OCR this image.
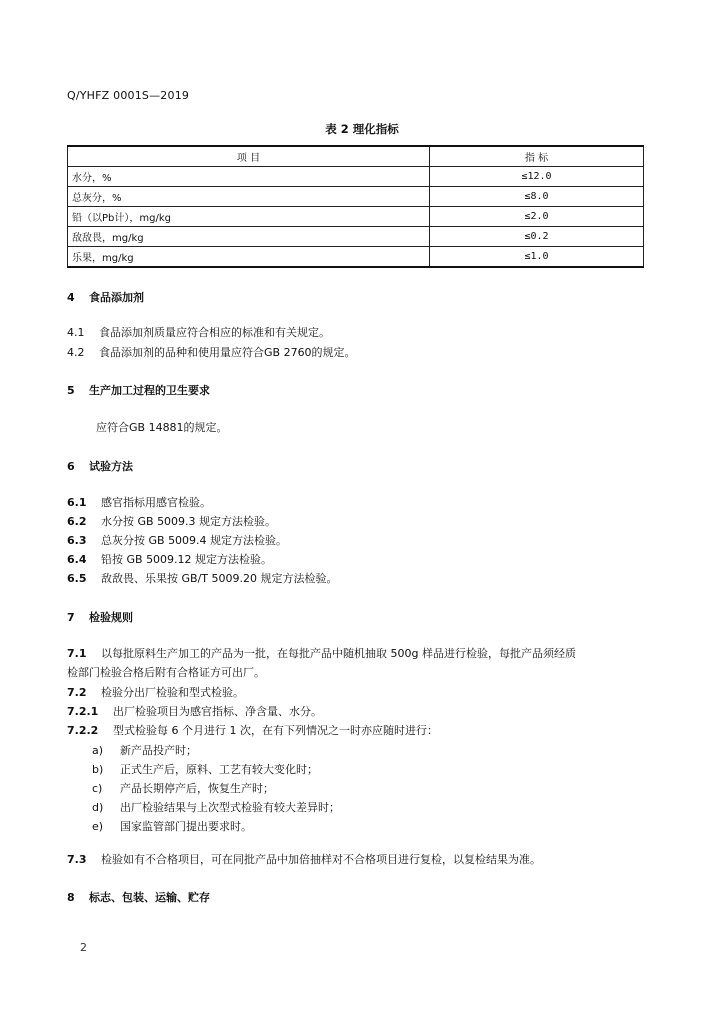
Q/YHFZ 0001S—2019
表 2 理化指标
项 目	指 标
水分，%	≤12.0
总灰分，%	≤8.0
铅（以Pb计），mg/kg	≤2.0
敌敌畏，mg/kg	≤0.2
乐果，mg/kg	≤1.0
4 食品添加剂
4.1 食品添加剂质量应符合相应的标准和有关规定。
4.2 食品添加剂的品种和使用量应符合GB 2760的规定。
5 生产加工过程的卫生要求
应符合GB 14881的规定。
6 试验方法
6.1 感官指标用感官检验。
6.2 水分按 GB 5009.3 规定方法检验。
6.3 总灰分按 GB 5009.4 规定方法检验。
6.4 铅按 GB 5009.12 规定方法检验。
6.5 敌敌畏、乐果按 GB/T 5009.20 规定方法检验。
7 检验规则
7.1 以每批原料生产加工的产品为一批，在每批产品中随机抽取 500g 样品进行检验，每批产品须经质
检部门检验合格后附有合格证方可出厂。
7.2 检验分出厂检验和型式检验。
7.2.1 出厂检验项目为感官指标、净含量、水分。
7.2.2 型式检验每 6 个月进行 1 次，在有下列情况之一时亦应随时进行：
a) 新产品投产时；
b) 正式生产后，原料、工艺有较大变化时；
c) 产品长期停产后，恢复生产时；
d) 出厂检验结果与上次型式检验有较大差异时；
e) 国家监管部门提出要求时。
7.3 检验如有不合格项目，可在同批产品中加倍抽样对不合格项目进行复检，以复检结果为准。
8 标志、包装、运输、贮存
2
